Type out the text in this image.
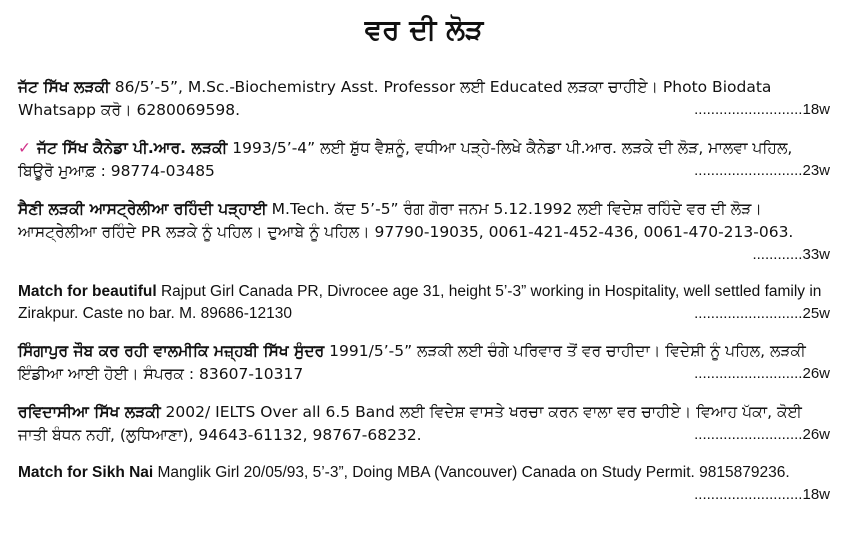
ਵਰ ਦੀ ਲੋੜ
ਜੱਟ ਸਿੱਖ ਲੜਕੀ 86/5’-5”, M.Sc.-Biochemistry Asst. Professor ਲਈ Educated ਲੜਕਾ ਚਾਹੀਏ। Photo Biodata Whatsapp ਕਰੋ। 6280069598.	..........................18w
✓ ਜੱਟ ਸਿੱਖ ਕੈਨੇਡਾ ਪੀ.ਆਰ. ਲੜਕੀ 1993/5’-4” ਲਈ ਸ਼ੁੱਧ ਵੈਸ਼ਨੂੰ, ਵਧੀਆ ਪੜ੍ਹੇ-ਲਿਖੇ ਕੈਨੇਡਾ ਪੀ.ਆਰ. ਲੜਕੇ ਦੀ ਲੋੜ, ਮਾਲਵਾ ਪਹਿਲ, ਬਿਊਰੋ ਮੁਆਫ਼ : 98774-03485	..........................23w
ਸੈਣੀ ਲੜਕੀ ਆਸਟ੍ਰੇਲੀਆ ਰਹਿੰਦੀ ਪੜ੍ਹਾਈ M.Tech. ਕੱਦ 5’-5” ਰੰਗ ਗੋਰਾ ਜਨਮ 5.12.1992 ਲਈ ਵਿਦੇਸ਼ ਰਹਿੰਦੇ ਵਰ ਦੀ ਲੋੜ। ਆਸਟ੍ਰੇਲੀਆ ਰਹਿੰਦੇ PR ਲੜਕੇ ਨੂੰ ਪਹਿਲ। ਦੁਆਬੇ ਨੂੰ ਪਹਿਲ। 97790-19035, 0061-421-452-436, 0061-470-213-063.
............33w
Match for beautiful Rajput Girl Canada PR, Divrocee age 31, height 5’-3” working in Hospitality, well settled family in Zirakpur. Caste no bar. M. 89686-12130	..........................25w
ਸਿੰਗਾਪੁਰ ਜੌਬ ਕਰ ਰਹੀ ਵਾਲਮੀਕਿ ਮਜ਼੍ਹਬੀ ਸਿੱਖ ਸੁੰਦਰ 1991/5’-5” ਲੜਕੀ ਲਈ ਚੰਗੇ ਪਰਿਵਾਰ ਤੋਂ ਵਰ ਚਾਹੀਦਾ। ਵਿਦੇਸ਼ੀ ਨੂੰ ਪਹਿਲ, ਲੜਕੀ ਇੰਡੀਆ ਆਈ ਹੋਈ। ਸੰਪਰਕ : 83607-10317	..........................26w
ਰਵਿਦਾਸੀਆ ਸਿੱਖ ਲੜਕੀ 2002/ IELTS Over all 6.5 Band ਲਈ ਵਿਦੇਸ਼ ਵਾਸਤੇ ਖਰਚਾ ਕਰਨ ਵਾਲਾ ਵਰ ਚਾਹੀਏ। ਵਿਆਹ ਪੱਕਾ, ਕੋਈ ਜਾਤੀ ਬੰਧਨ ਨਹੀਂ, (ਲੁਧਿਆਣਾ), 94643-61132, 98767-68232.	..........................26w
Match for Sikh Nai Manglik Girl 20/05/93, 5’-3”, Doing MBA (Vancouver) Canada on Study Permit. 9815879236.
..........................18w
